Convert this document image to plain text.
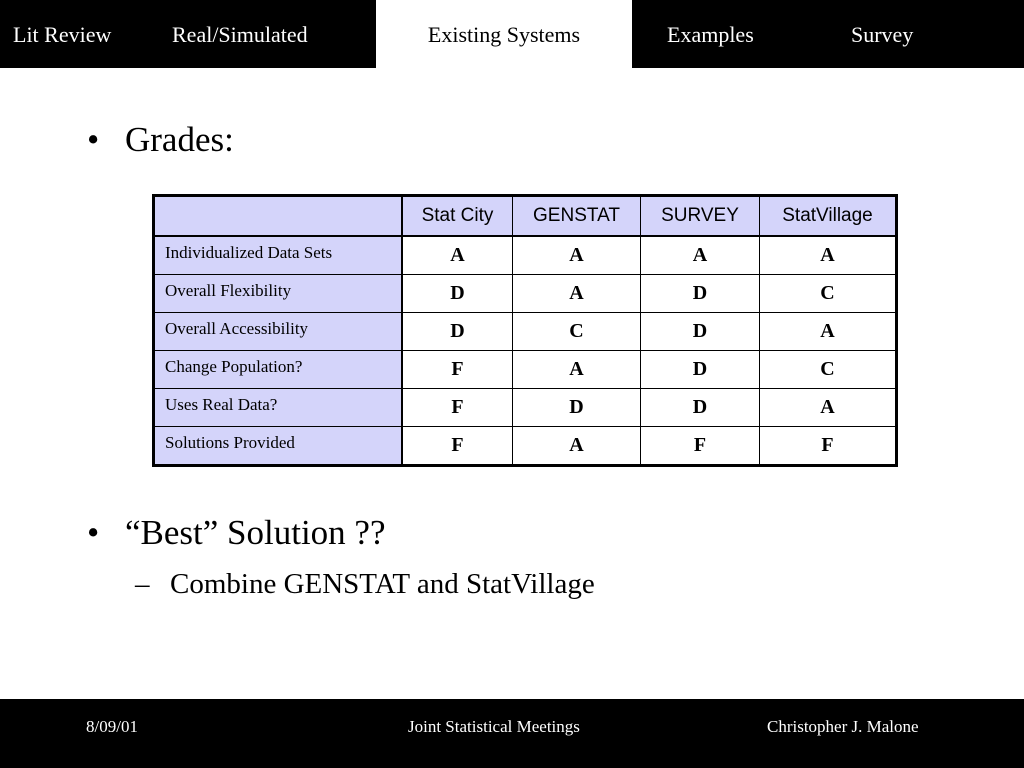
Lit Review	Real/Simulated	Existing Systems	Examples	Survey
• Grades:
	Stat City	GENSTAT	SURVEY	StatVillage
Individualized Data Sets	A	A	A	A
Overall Flexibility	D	A	D	C
Overall Accessibility	D	C	D	A
Change Population?	F	A	D	C
Uses Real Data?	F	D	D	A
Solutions Provided	F	A	F	F
• “Best” Solution ??
– Combine GENSTAT and StatVillage
8/09/01	Joint Statistical Meetings	Christopher J. Malone
